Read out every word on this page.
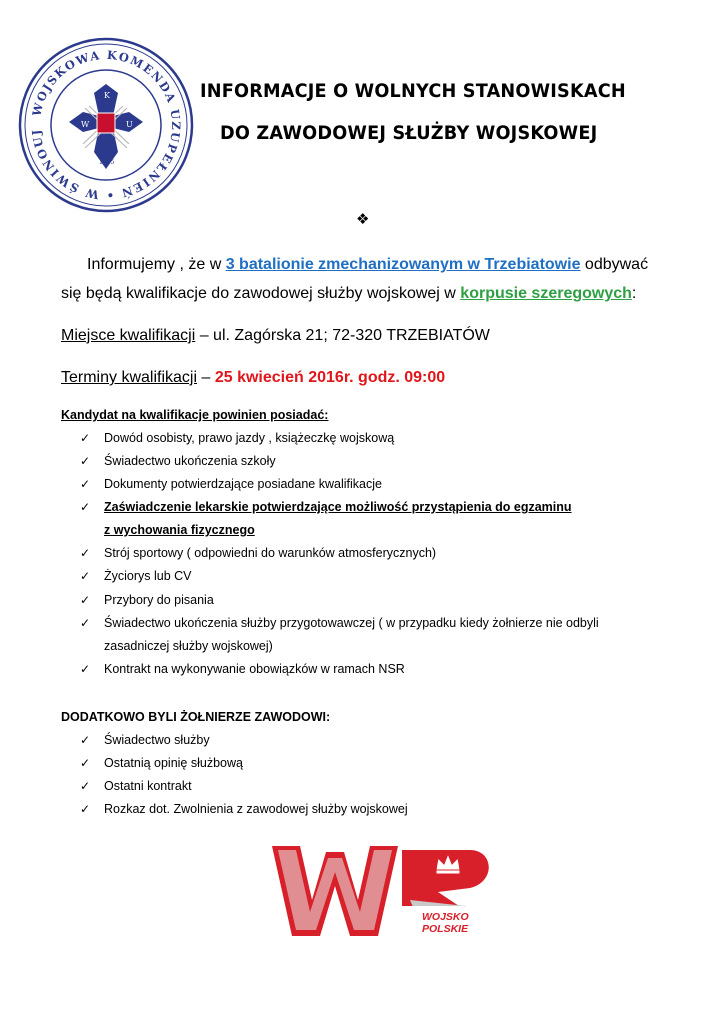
WOJSKOWA KOMENDA UZUPEŁNIEŃ • W ŚWINOUJ
K
W	U
1975
INFORMACJE O WOLNYCH STANOWISKACH
DO ZAWODOWEJ SŁUŻBY WOJSKOWEJ
❖
Informujemy , że w 3 batalionie zmechanizowanym w Trzebiatowie odbywać
się będą kwalifikacje do zawodowej służby wojskowej w korpusie szeregowych:
Miejsce kwalifikacji – ul. Zagórska 21; 72-320 TRZEBIATÓW
Terminy kwalifikacji – 25 kwiecień 2016r. godz. 09:00
Kandydat na kwalifikacje powinien posiadać:
✓	Dowód osobisty, prawo jazdy , książeczkę wojskową
✓	Świadectwo ukończenia szkoły
✓	Dokumenty potwierdzające posiadane kwalifikacje
✓	Zaświadczenie lekarskie potwierdzające możliwość przystąpienia do egzaminu
z wychowania fizycznego
✓	Strój sportowy ( odpowiedni do warunków atmosferycznych)
✓	Życiorys lub CV
✓	Przybory do pisania
✓	Świadectwo ukończenia służby przygotowawczej ( w przypadku kiedy żołnierze nie odbyli
zasadniczej służby wojskowej)
✓	Kontrakt na wykonywanie obowiązków w ramach NSR
DODATKOWO BYLI ŻOŁNIERZE ZAWODOWI:
✓	Świadectwo służby
✓	Ostatnią opinię służbową
✓	Ostatni kontrakt
✓	Rozkaz dot. Zwolnienia z zawodowej służby wojskowej
WOJSKO
POLSKIE
